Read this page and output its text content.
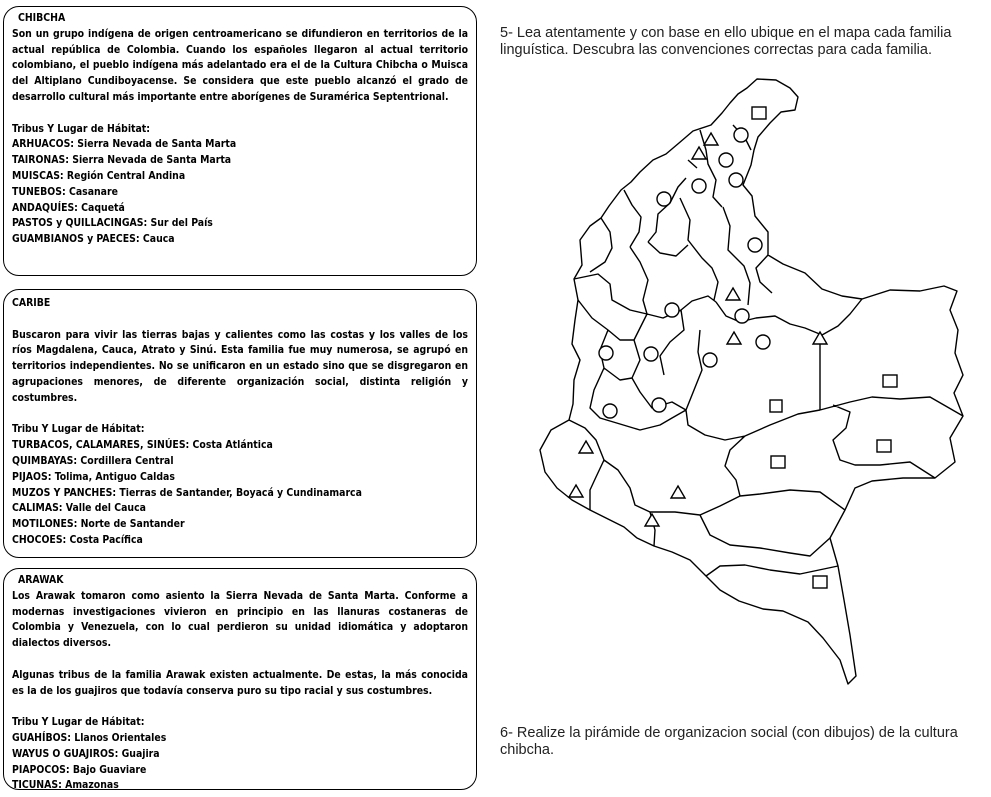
CHIBCHA
Son un grupo indígena de origen centroamericano se difundieron en territorios de la actual república de Colombia. Cuando los españoles llegaron al actual territorio colombiano, el pueblo indígena más adelantado era el de la Cultura Chibcha o Muisca del Altiplano Cundiboyacense. Se considera que este pueblo alcanzó el grado de desarrollo cultural más importante entre aborígenes de Suramérica Septentrional.
Tribus Y Lugar de Hábitat:
ARHUACOS: Sierra Nevada de Santa Marta
TAIRONAS: Sierra Nevada de Santa Marta
MUISCAS: Región Central Andina
TUNEBOS: Casanare
ANDAQUÍES: Caquetá
PASTOS y QUILLACINGAS: Sur del País
GUAMBIANOS y PAECES: Cauca
CARIBE
Buscaron para vivir las tierras bajas y calientes como las costas y los valles de los ríos Magdalena, Cauca, Atrato y Sinú. Esta familia fue muy numerosa, se agrupó en territorios independientes. No se unificaron en un estado sino que se disgregaron en agrupaciones menores, de diferente organización social, distinta religión y costumbres.
Tribu Y Lugar de Hábitat:
TURBACOS, CALAMARES, SINÚES: Costa Atlántica
QUIMBAYAS: Cordillera Central
PIJAOS: Tolima, Antiguo Caldas
MUZOS Y PANCHES: Tierras de Santander, Boyacá y Cundinamarca
CALIMAS: Valle del Cauca
MOTILONES: Norte de Santander
CHOCOES: Costa Pacífica
ARAWAK
Los Arawak tomaron como asiento la Sierra Nevada de Santa Marta. Conforme a modernas investigaciones vivieron en principio en las llanuras costaneras de Colombia y Venezuela, con lo cual perdieron su unidad idiomática y adoptaron dialectos diversos.
Algunas tribus de la familia Arawak existen actualmente. De estas, la más conocida es la de los guajiros que todavía conserva puro su tipo racial y sus costumbres.
Tribu Y Lugar de Hábitat:
GUAHÍBOS: Llanos Orientales
WAYUS O GUAJIROS: Guajira
PIAPOCOS: Bajo Guaviare
TICUNAS: Amazonas
5- Lea atentamente y con base en ello ubique en el mapa cada familia linguística. Descubra las convenciones correctas para cada familia.
6- Realize la pirámide de organizacion social (con dibujos) de la cultura chibcha.
